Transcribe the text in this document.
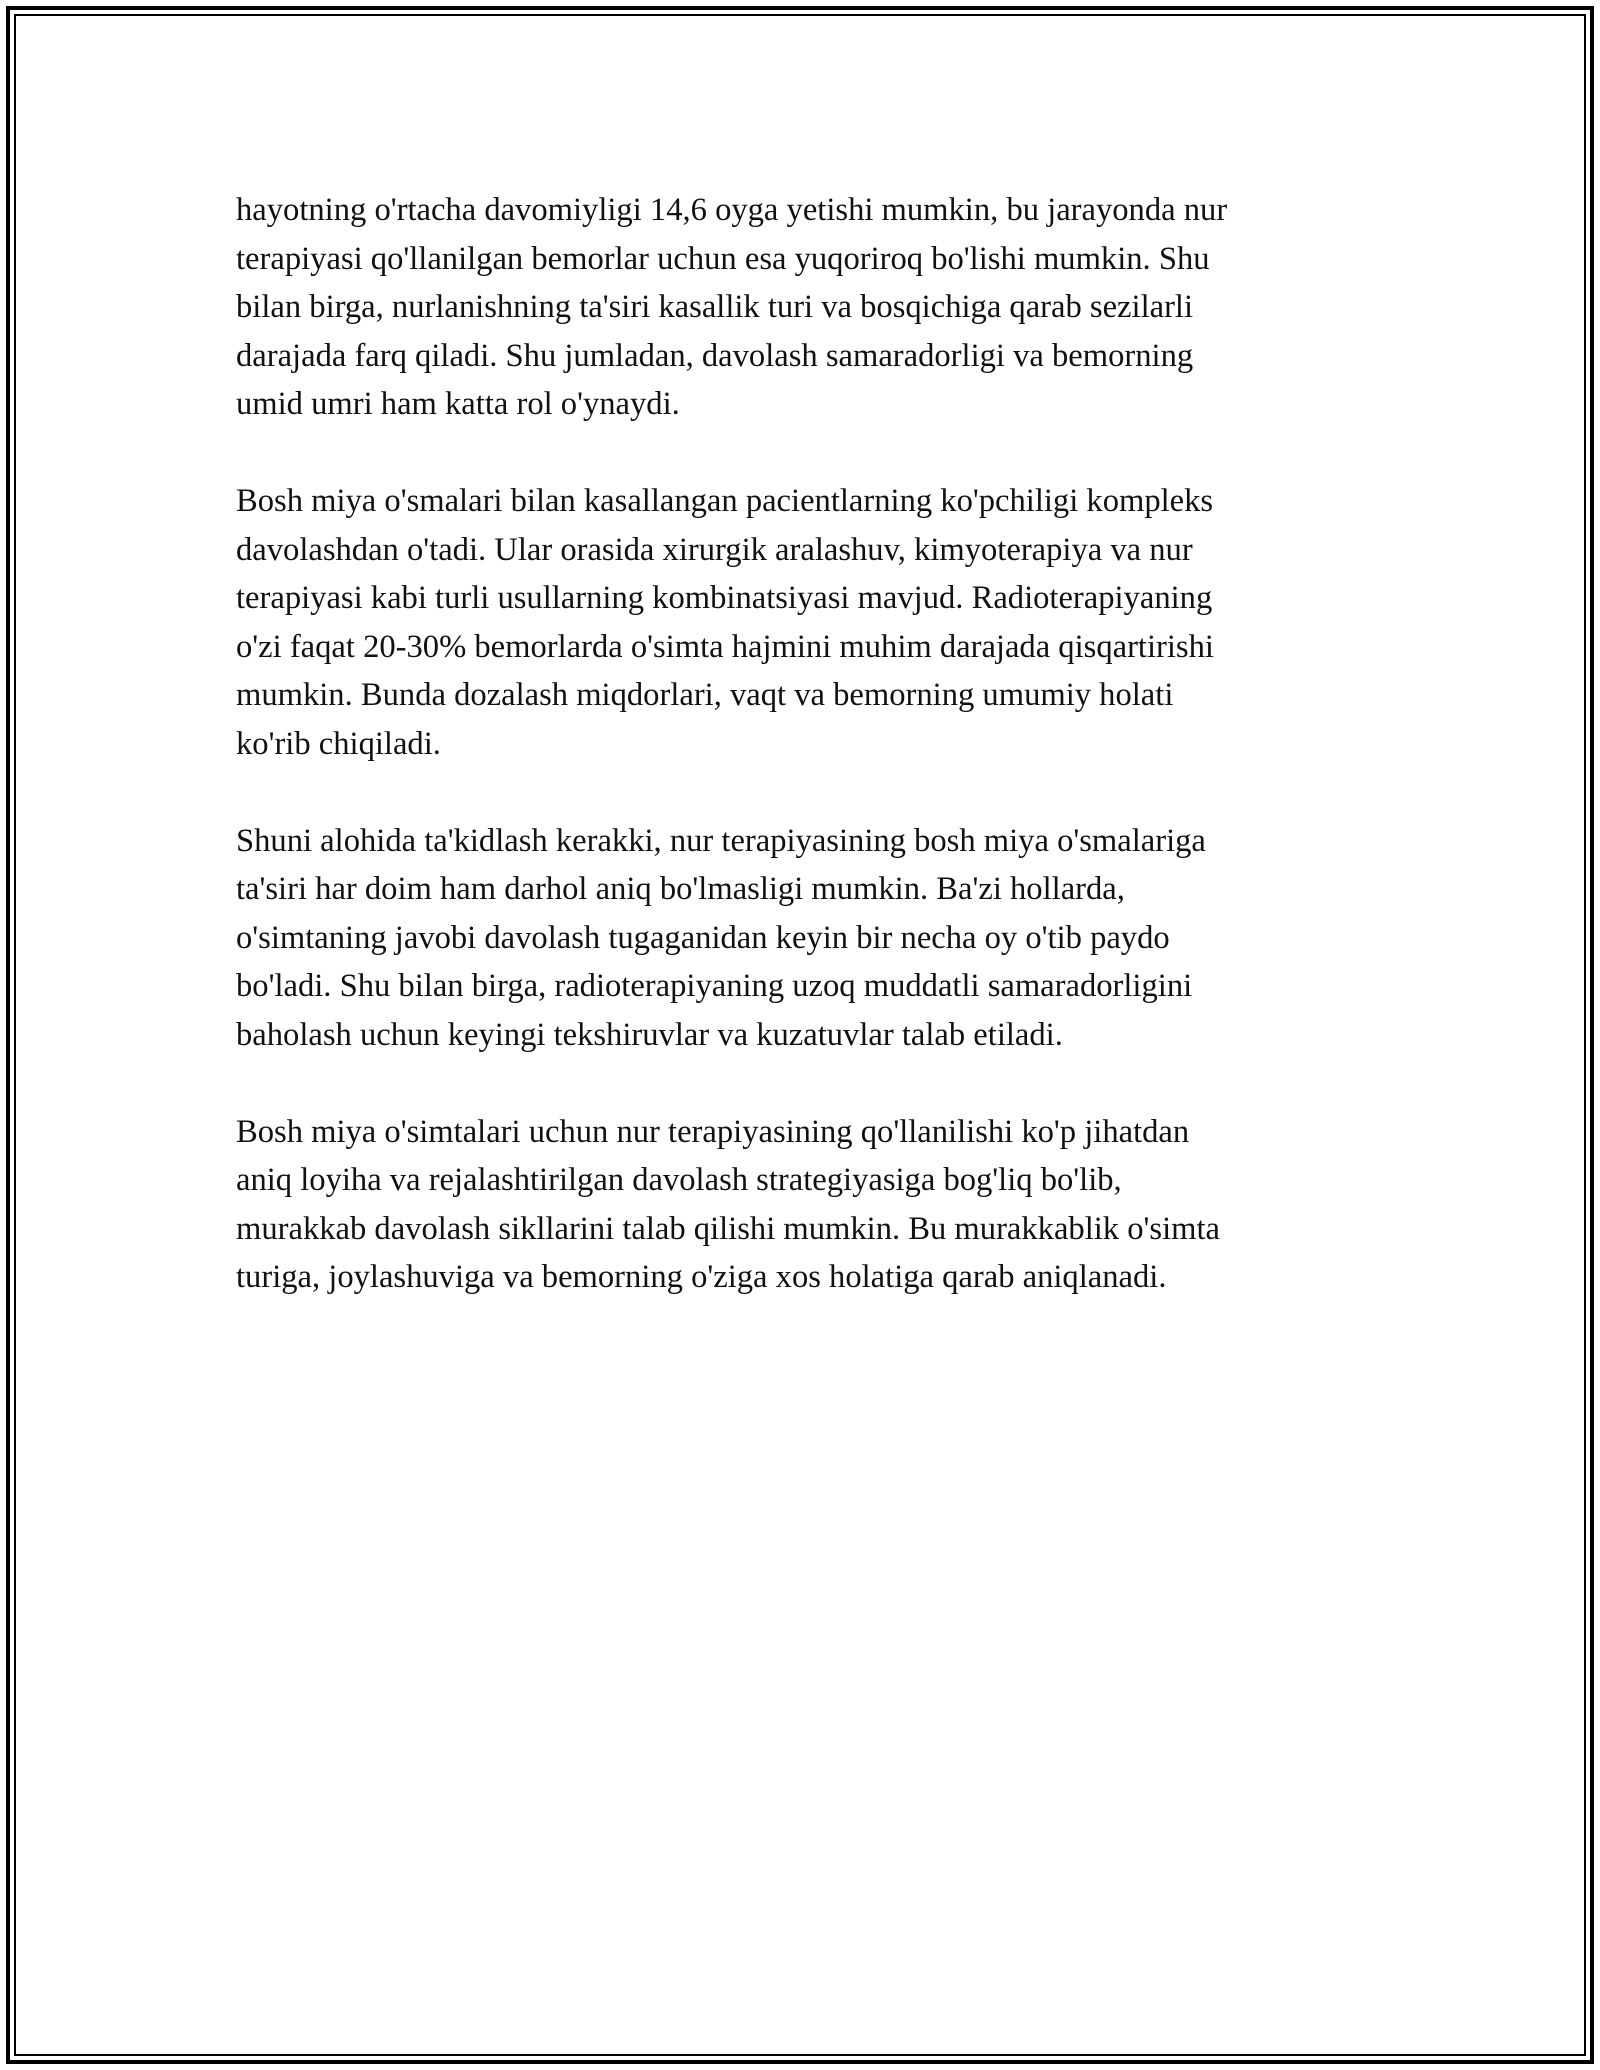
hayotning o'rtacha davomiyligi 14,6 oyga yetishi mumkin, bu jarayonda nur
terapiyasi qo'llanilgan bemorlar uchun esa yuqoriroq bo'lishi mumkin. Shu
bilan birga, nurlanishning ta'siri kasallik turi va bosqichiga qarab sezilarli
darajada farq qiladi. Shu jumladan, davolash samaradorligi va bemorning
umid umri ham katta rol o'ynaydi.

Bosh miya o'smalari bilan kasallangan pacientlarning ko'pchiligi kompleks
davolashdan o'tadi. Ular orasida xirurgik aralashuv, kimyoterapiya va nur
terapiyasi kabi turli usullarning kombinatsiyasi mavjud. Radioterapiyaning
o'zi faqat 20-30% bemorlarda o'simta hajmini muhim darajada qisqartirishi
mumkin. Bunda dozalash miqdorlari, vaqt va bemorning umumiy holati
ko'rib chiqiladi.

Shuni alohida ta'kidlash kerakki, nur terapiyasining bosh miya o'smalariga
ta'siri har doim ham darhol aniq bo'lmasligi mumkin. Ba'zi hollarda,
o'simtaning javobi davolash tugaganidan keyin bir necha oy o'tib paydo
bo'ladi. Shu bilan birga, radioterapiyaning uzoq muddatli samaradorligini
baholash uchun keyingi tekshiruvlar va kuzatuvlar talab etiladi.

Bosh miya o'simtalari uchun nur terapiyasining qo'llanilishi ko'p jihatdan
aniq loyiha va rejalashtirilgan davolash strategiyasiga bog'liq bo'lib,
murakkab davolash sikllarini talab qilishi mumkin. Bu murakkablik o'simta
turiga, joylashuviga va bemorning o'ziga xos holatiga qarab aniqlanadi.
